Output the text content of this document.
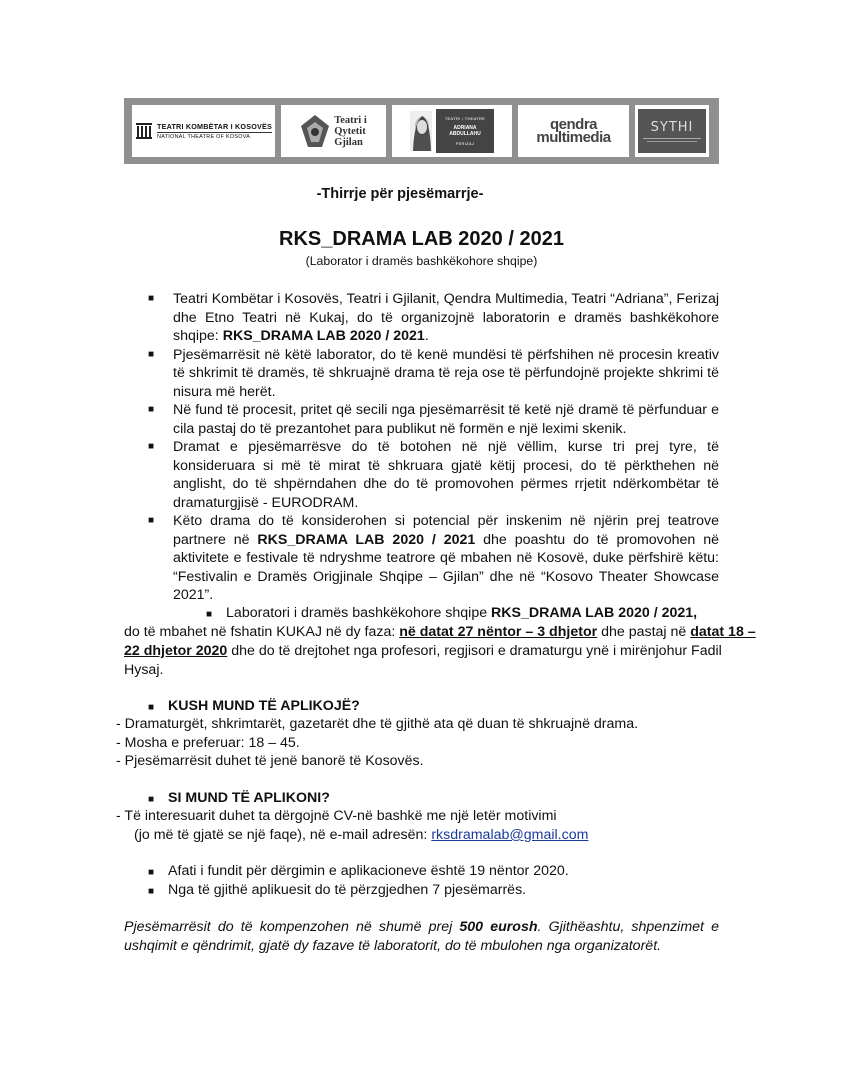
TEATRI KOMBËTAR I KOSOVËS
NATIONAL THEATRE OF KOSOVA
Teatri i
Qytetit
Gjilan
TEATRI / THEATRE
ADRIANA
ABDULLAHU
FERIZAJ
qendra
multimedia
SYTHI
-Thirrje për pjesëmarrje-
RKS_DRAMA LAB 2020 / 2021
(Laborator i dramës bashkëkohore shqipe)
■	Teatri Kombëtar i Kosovës, Teatri i Gjilanit, Qendra Multimedia, Teatri “Adriana”, Ferizaj dhe Etno Teatri në Kukaj, do të organizojnë laboratorin e dramës bashkëkohore shqipe: RKS_DRAMA LAB 2020 / 2021.
■	Pjesëmarrësit në këtë laborator, do të kenë mundësi të përfshihen në procesin kreativ të shkrimit të dramës, të shkruajnë drama të reja ose të përfundojnë projekte shkrimi të nisura më herët.
■	Në fund të procesit, pritet që secili nga pjesëmarrësit të ketë një dramë të përfunduar e cila pastaj do të prezantohet para publikut në formën e një leximi skenik.
■	Dramat e pjesëmarrësve do të botohen në një vëllim, kurse tri prej tyre, të konsideruara si më të mirat të shkruara gjatë këtij procesi, do të përkthehen në anglisht, do të shpërndahen dhe do të promovohen përmes rrjetit ndërkombëtar të dramaturgjisë - EURODRAM.
■	Këto drama do të konsiderohen si potencial për inskenim në njërin prej teatrove partnere në RKS_DRAMA LAB 2020 / 2021 dhe poashtu do të promovohen në aktivitete e festivale të ndryshme teatrore që mbahen në Kosovë, duke përfshirë këtu: “Festivalin e Dramës Origjinale Shqipe – Gjilan” dhe në “Kosovo Theater Showcase 2021”.
■ Laboratori i dramës bashkëkohore shqipe RKS_DRAMA LAB 2020 / 2021,
do të mbahet në fshatin KUKAJ në dy faza: në datat 27 nëntor – 3 dhjetor dhe pastaj në datat 18 –
22 dhjetor 2020 dhe do të drejtohet nga profesori, regjisori e dramaturgu ynë i mirënjohur Fadil
Hysaj.
■ KUSH MUND TË APLIKOJË?
- Dramaturgët, shkrimtarët, gazetarët dhe të gjithë ata që duan të shkruajnë drama.
- Mosha e preferuar: 18 – 45.
- Pjesëmarrësit duhet të jenë banorë të Kosovës.
■ SI MUND TË APLIKONI?
- Të interesuarit duhet ta dërgojnë CV-në bashkë me një letër motivimi
(jo më të gjatë se një faqe), në e-mail adresën: rksdramalab@gmail.com
■ Afati i fundit për dërgimin e aplikacioneve është 19 nëntor 2020.
■ Nga të gjithë aplikuesit do të përzgjedhen 7 pjesëmarrës.
Pjesëmarrësit do të kompenzohen në shumë prej 500 eurosh. Gjithëashtu, shpenzimet e ushqimit e qëndrimit, gjatë dy fazave të laboratorit, do të mbulohen nga organizatorët.
